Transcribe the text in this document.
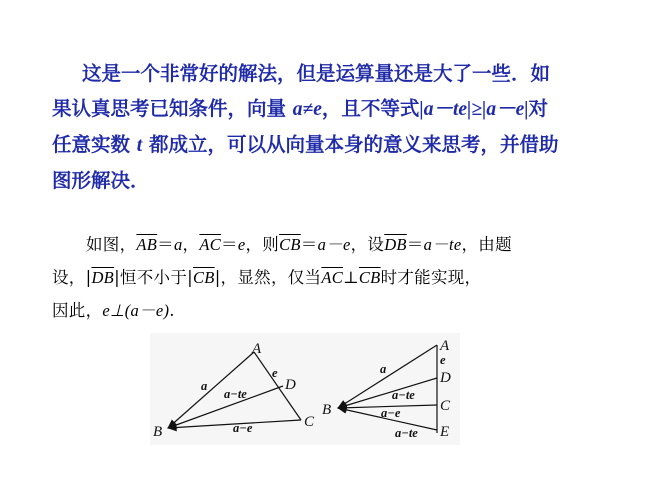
这是一个非常好的解法，但是运算量还是大了一些．如
果认真思考已知条件，向量 a≠e，且不等式|a－te|≥|a－e|对
任意实数 t 都成立，可以从向量本身的意义来思考，并借助
图形解决．
如图，$\overline{AB}=a$，$\overline{AC}=e$，则$\overline{CB}=a-e$，设$\overline{DB}=a-te$，由题
设，$|\overline{DB}|$恒不小于$|\overline{CB}|$，显然，仅当$\overline{AC}\perp\overline{CB}$时才能实现，
因此，e⊥(a－e).
A
B
C
D
a
e
a−te
a−e
A
B	C
D
E
a
e
a−te
a−e
a−te
